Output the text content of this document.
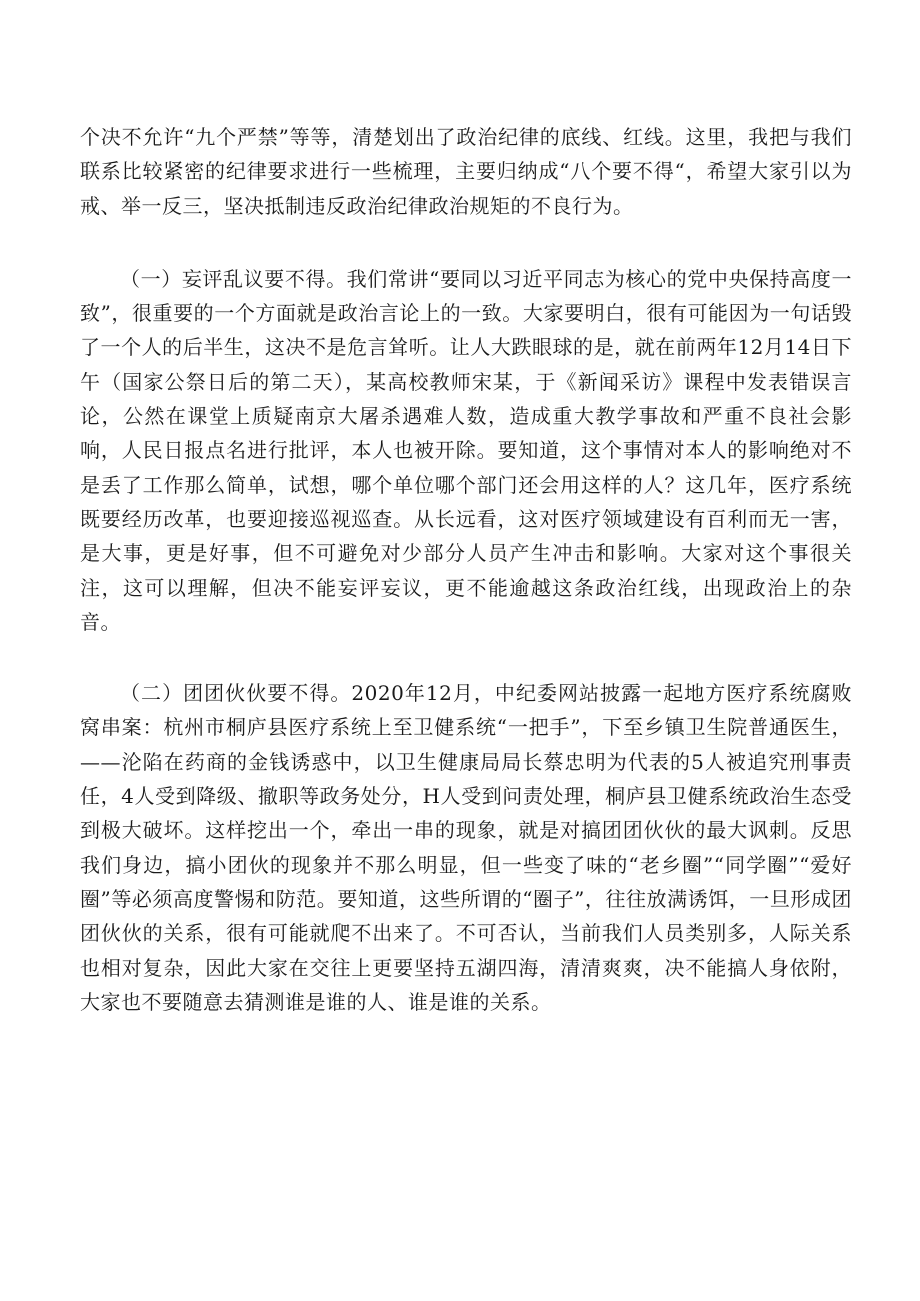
个决不允许“九个严禁”等等，清楚划出了政治纪律的底线、红线。这里，我把与我们联系比较紧密的纪律要求进行一些梳理，主要归纳成“八个要不得“，希望大家引以为戒、举一反三，坚决抵制违反政治纪律政治规矩的不良行为。

（一）妄评乱议要不得。我们常讲“要同以习近平同志为核心的党中央保持高度一致”，很重要的一个方面就是政治言论上的一致。大家要明白，很有可能因为一句话毁了一个人的后半生，这决不是危言耸听。让人大跌眼球的是，就在前两年12月14日下午（国家公祭日后的第二天），某高校教师宋某，于《新闻采访》课程中发表错误言论，公然在课堂上质疑南京大屠杀遇难人数，造成重大教学事故和严重不良社会影响，人民日报点名进行批评，本人也被开除。要知道，这个事情对本人的影响绝对不是丢了工作那么简单，试想，哪个单位哪个部门还会用这样的人？这几年，医疗系统既要经历改革，也要迎接巡视巡查。从长远看，这对医疗领域建设有百利而无一害，是大事，更是好事，但不可避免对少部分人员产生冲击和影响。大家对这个事很关注，这可以理解，但决不能妄评妄议，更不能逾越这条政治红线，出现政治上的杂音。

（二）团团伙伙要不得。2020年12月，中纪委网站披露一起地方医疗系统腐败窝串案：杭州市桐庐县医疗系统上至卫健系统“一把手”，下至乡镇卫生院普通医生，——沦陷在药商的金钱诱惑中，以卫生健康局局长蔡忠明为代表的5人被追究刑事责任，4人受到降级、撤职等政务处分，H人受到问责处理，桐庐县卫健系统政治生态受到极大破坏。这样挖出一个，牵出一串的现象，就是对搞团团伙伙的最大讽刺。反思我们身边，搞小团伙的现象并不那么明显，但一些变了味的“老乡圈”“同学圈”“爱好圈”等必须高度警惕和防范。要知道，这些所谓的“圈子”，往往放满诱饵，一旦形成团团伙伙的关系，很有可能就爬不出来了。不可否认，当前我们人员类别多，人际关系也相对复杂，因此大家在交往上更要坚持五湖四海，清清爽爽，决不能搞人身依附，大家也不要随意去猜测谁是谁的人、谁是谁的关系。
